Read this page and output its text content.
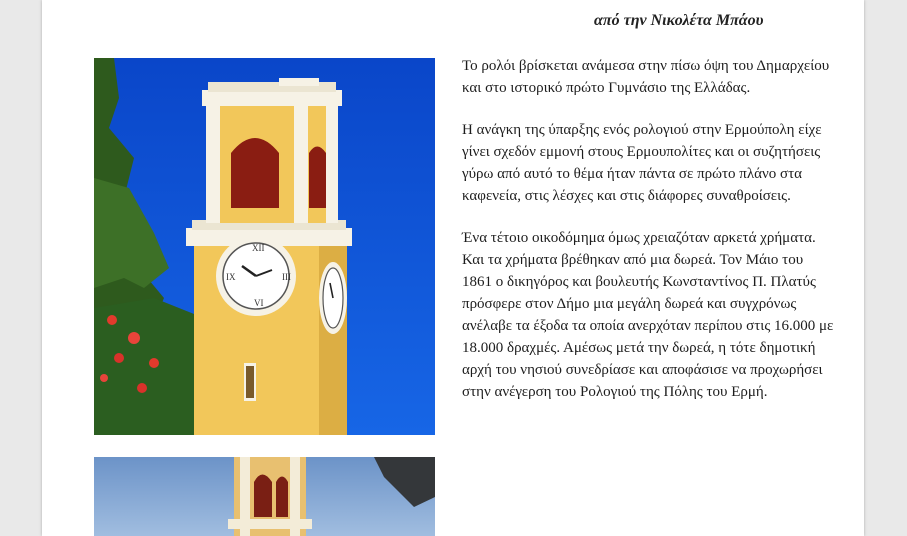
από την Νικολέτα Μπάου
XII
III
VI
IX

Το ρολόι βρίσκεται ανάμεσα στην πίσω όψη του Δημαρχείου και στο ιστορικό πρώτο Γυμνάσιο της Ελλάδας.

Η ανάγκη της ύπαρξης ενός ρολογιού στην Ερμούπολη είχε γίνει σχεδόν εμμονή στους Ερμουπολίτες και οι συζητήσεις γύρω από αυτό το θέμα ήταν πάντα σε πρώτο πλάνο στα καφενεία, στις λέσχες και στις διάφορες συναθροίσεις.

Ένα τέτοιο οικοδόμημα όμως χρειαζόταν αρκετά χρήματα. Και τα χρήματα βρέθηκαν από μια δωρεά. Τον Μάιο του 1861 ο δικηγόρος και βουλευτής Κωνσταντίνος Π. Πλατύς πρόσφερε στον Δήμο μια μεγάλη δωρεά και συγχρόνως ανέλαβε τα έξοδα τα οποία ανερχόταν περίπου στις 16.000 με 18.000 δραχμές. Αμέσως μετά την δωρεά, η τότε δημοτική αρχή του νησιού συνεδρίασε και αποφάσισε να προχωρήσει στην ανέγερση του Ρολογιού της Πόλης του Ερμή.
